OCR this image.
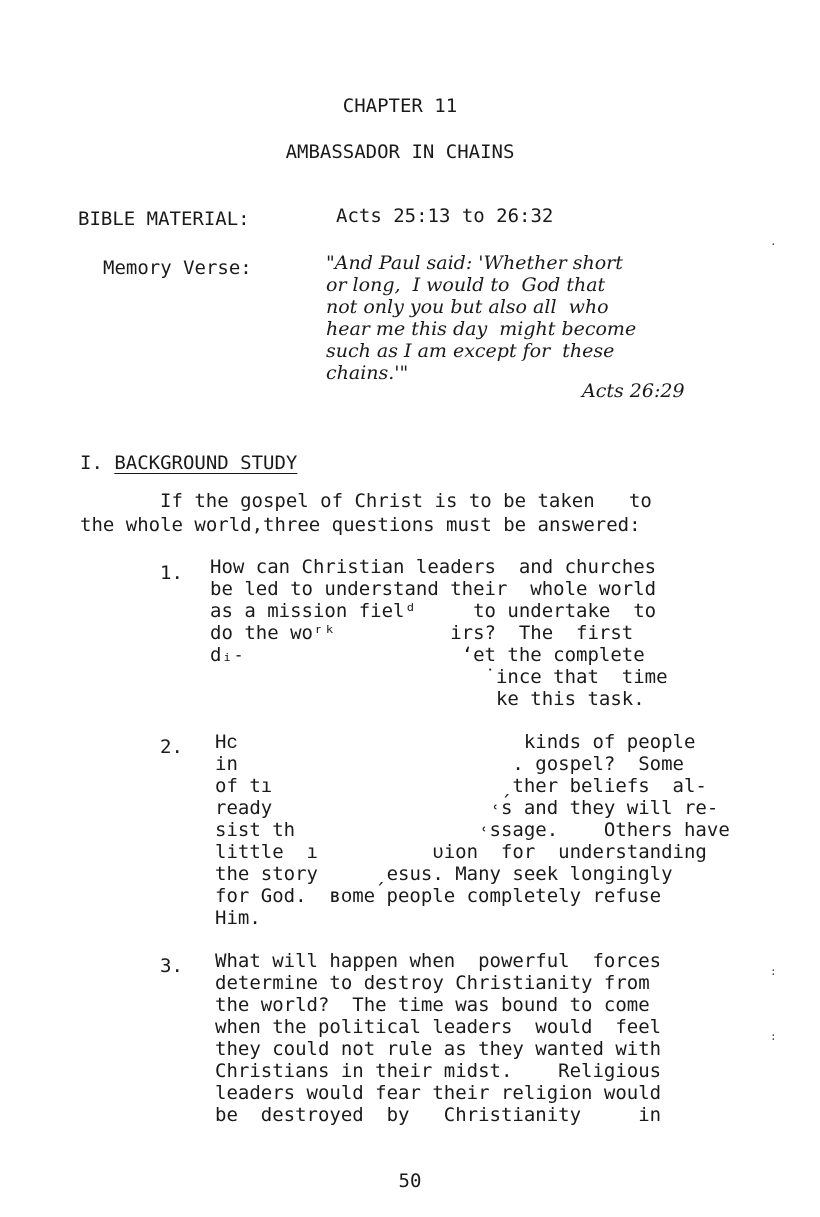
CHAPTER 11
AMBASSADOR IN CHAINS
BIBLE MATERIAL:	Acts 25:13 to 26:32
Memory Verse:	"And Paul said: 'Whether short
or long,  I would to  God that
not only you but also all  who
hear me this day  might become
such as I am except for  these
chains.'"
Acts 26:29
I. BACKGROUND STUDY
If the gospel of Christ is to be taken   to
the whole world,three questions must be answered:
1. How can Christian leaders  and churches
be led to understand their  whole world
as a mission fielᵈ     to undertake  to
do the woʳᵏ          irs?  The  first
dᵢ˗                   ʻet the complete
˙ince that  time
ke this task.
2. Hᴄ                         kinds of people
in                        . gospel?  Some
of tı                    ˏther beliefs  al-
ready                   ˓s and they will re-
sist th                ˓ssage.    Others have
little  ı          ᴜion  for  understanding
the story     ˏesus. Many seek longingly
for God.  ʙᴏme people completely refuse
Him.
3. What will happen when  powerful  forces
determine to destroy Christianity from
the world?  The time was bound to come
when the political leaders  would  feel
they could not rule as they wanted with
Christians in their midst.    Religious
leaders would fear their religion would
be  destroyed  by   Christianity     in
50
·
:
:
